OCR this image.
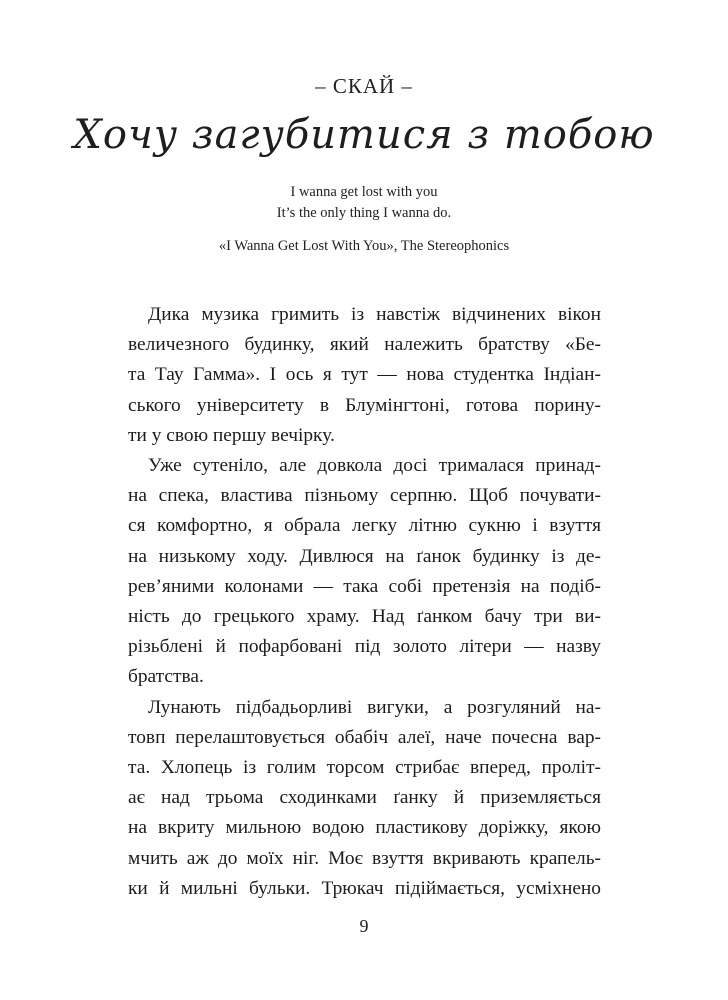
– СКАЙ –
Хочу загубитися з тобою
I wanna get lost with you
It’s the only thing I wanna do.
«I Wanna Get Lost With You», The Stereophonics
Дика музика гримить із навстіж відчинених вікон
величезного будинку, який належить братству «Бе-
та Тау Гамма». І ось я тут — нова студентка Індіан-
ського університету в Блумінгтоні, готова порину-
ти у свою першу вечірку.
Уже сутеніло, але довкола досі трималася принад-
на спека, властива пізньому серпню. Щоб почувати-
ся комфортно, я обрала легку літню сукню і взуття
на низькому ходу. Дивлюся на ґанок будинку із де-
рев’яними колонами — така собі претензія на подіб-
ність до грецького храму. Над ґанком бачу три ви-
різьблені й пофарбовані під золото літери — назву
братства.
Лунають підбадьорливі вигуки, а розгуляний на-
товп перелаштовується обабіч алеї, наче почесна вар-
та. Хлопець із голим торсом стрибає вперед, проліт-
ає над трьома сходинками ґанку й приземляється
на вкриту мильною водою пластикову доріжку, якою
мчить аж до моїх ніг. Моє взуття вкривають крапель-
ки й мильні бульки. Трюкач підіймається, усміхнено
9
